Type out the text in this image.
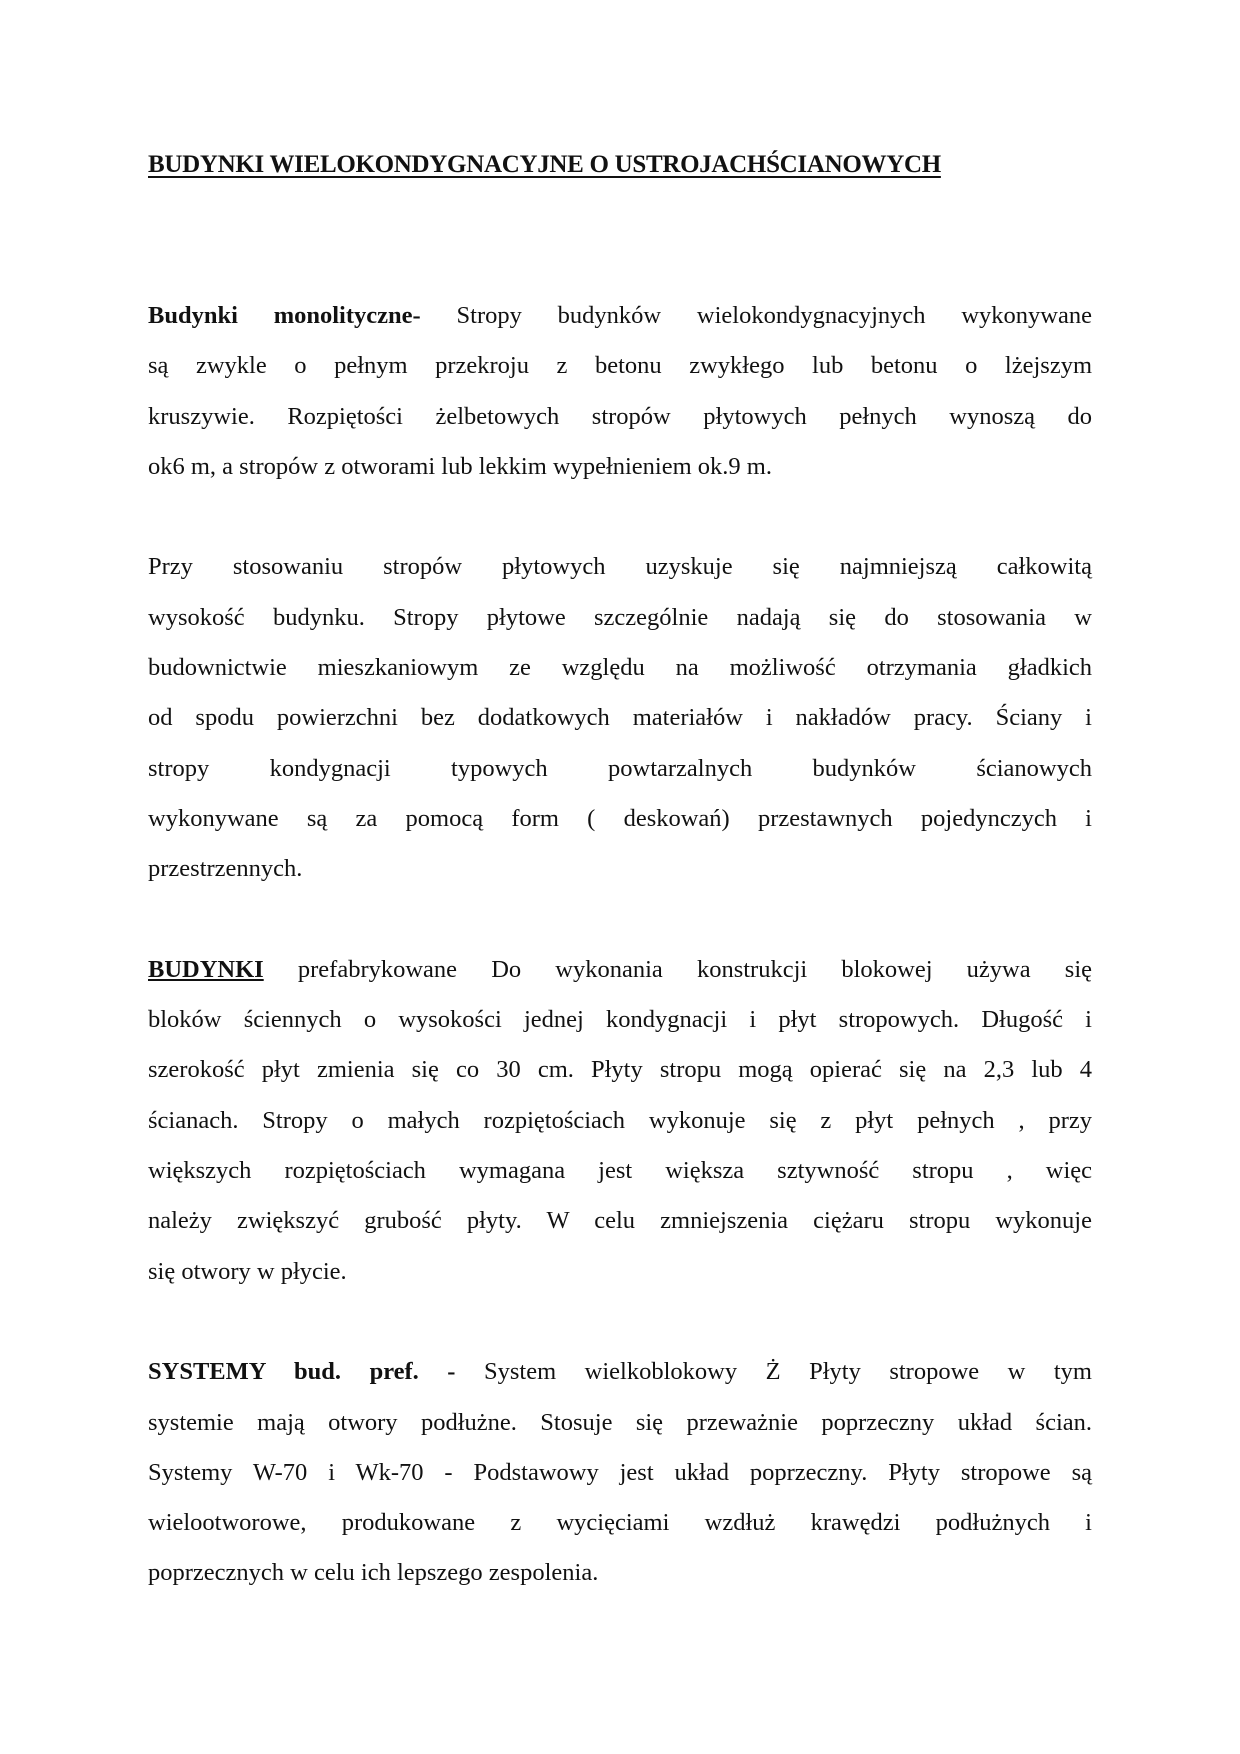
BUDYNKI WIELOKONDYGNACYJNE O USTROJACHŚCIANOWYCH
Budynki monolityczne- Stropy budynków wielokondygnacyjnych wykonywane
są zwykle o pełnym przekroju z betonu zwykłego lub betonu o lżejszym
kruszywie. Rozpiętości żelbetowych stropów płytowych pełnych wynoszą do
ok6 m, a stropów z otworami lub lekkim wypełnieniem ok.9 m.
Przy stosowaniu stropów płytowych uzyskuje się najmniejszą całkowitą
wysokość budynku. Stropy płytowe szczególnie nadają się do stosowania w
budownictwie mieszkaniowym ze względu na możliwość otrzymania gładkich
od spodu powierzchni bez dodatkowych materiałów i nakładów pracy. Ściany i
stropy kondygnacji typowych powtarzalnych budynków ścianowych
wykonywane są za pomocą form ( deskowań) przestawnych pojedynczych i
przestrzennych.
BUDYNKI prefabrykowane Do wykonania konstrukcji blokowej używa się
bloków ściennych o wysokości jednej kondygnacji i płyt stropowych. Długość i
szerokość płyt zmienia się co 30 cm. Płyty stropu mogą opierać się na 2,3 lub 4
ścianach. Stropy o małych rozpiętościach wykonuje się z płyt pełnych , przy
większych rozpiętościach wymagana jest większa sztywność stropu , więc
należy zwiększyć grubość płyty. W celu zmniejszenia ciężaru stropu wykonuje
się otwory w płycie.
SYSTEMY bud. pref. - System wielkoblokowy Ż Płyty stropowe w tym
systemie mają otwory podłużne. Stosuje się przeważnie poprzeczny układ ścian.
Systemy W-70 i Wk-70 - Podstawowy jest układ poprzeczny. Płyty stropowe są
wielootworowe, produkowane z wycięciami wzdłuż krawędzi podłużnych i
poprzecznych w celu ich lepszego zespolenia.
